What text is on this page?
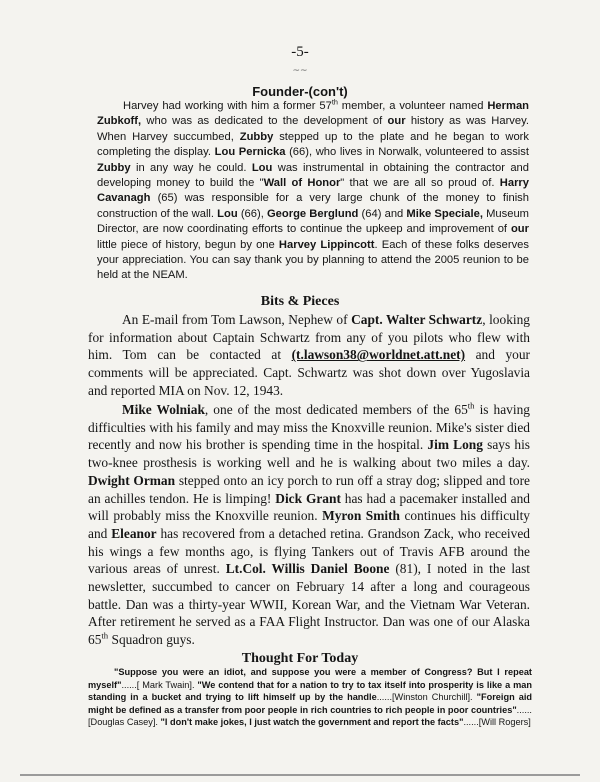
-5-
~~
Founder-(con't)

Harvey had working with him a former 57th member, a volunteer named Herman Zubkoff, who was as dedicated to the development of our history as was Harvey. When Harvey succumbed, Zubby stepped up to the plate and he began to work completing the display. Lou Pernicka (66), who lives in Norwalk, volunteered to assist Zubby in any way he could. Lou was instrumental in obtaining the contractor and developing money to build the "Wall of Honor" that we are all so proud of. Harry Cavanagh (65) was responsible for a very large chunk of the money to finish construction of the wall. Lou (66), George Berglund (64) and Mike Speciale, Museum Director, are now coordinating efforts to continue the upkeep and improvement of our little piece of history, begun by one Harvey Lippincott. Each of these folks deserves your appreciation. You can say thank you by planning to attend the 2005 reunion to be held at the NEAM.

Bits & Pieces

An E-mail from Tom Lawson, Nephew of Capt. Walter Schwartz, looking for information about Captain Schwartz from any of you pilots who flew with him. Tom can be contacted at (t.lawson38@worldnet.att.net) and your comments will be appreciated. Capt. Schwartz was shot down over Yugoslavia and reported MIA on Nov. 12, 1943.

Mike Wolniak, one of the most dedicated members of the 65th is having difficulties with his family and may miss the Knoxville reunion. Mike's sister died recently and now his brother is spending time in the hospital. Jim Long says his two-knee prosthesis is working well and he is walking about two miles a day. Dwight Orman stepped onto an icy porch to run off a stray dog; slipped and tore an achilles tendon. He is limping! Dick Grant has had a pacemaker installed and will probably miss the Knoxville reunion. Myron Smith continues his difficulty and Eleanor has recovered from a detached retina. Grandson Zack, who received his wings a few months ago, is flying Tankers out of Travis AFB around the various areas of unrest. Lt.Col. Willis Daniel Boone (81), I noted in the last newsletter, succumbed to cancer on February 14 after a long and courageous battle. Dan was a thirty-year WWII, Korean War, and the Vietnam War Veteran. After retirement he served as a FAA Flight Instructor. Dan was one of our Alaska 65th Squadron guys.

Thought For Today

"Suppose you were an idiot, and suppose you were a member of Congress? But I repeat myself"......[ Mark Twain]. "We contend that for a nation to try to tax itself into prosperity is like a man standing in a bucket and trying to lift himself up by the handle......[Winston Churchill]. "Foreign aid might be defined as a transfer from poor people in rich countries to rich people in poor countries"......[Douglas Casey]. "I don't make jokes, I just watch the government and report the facts"......[Will Rogers]
